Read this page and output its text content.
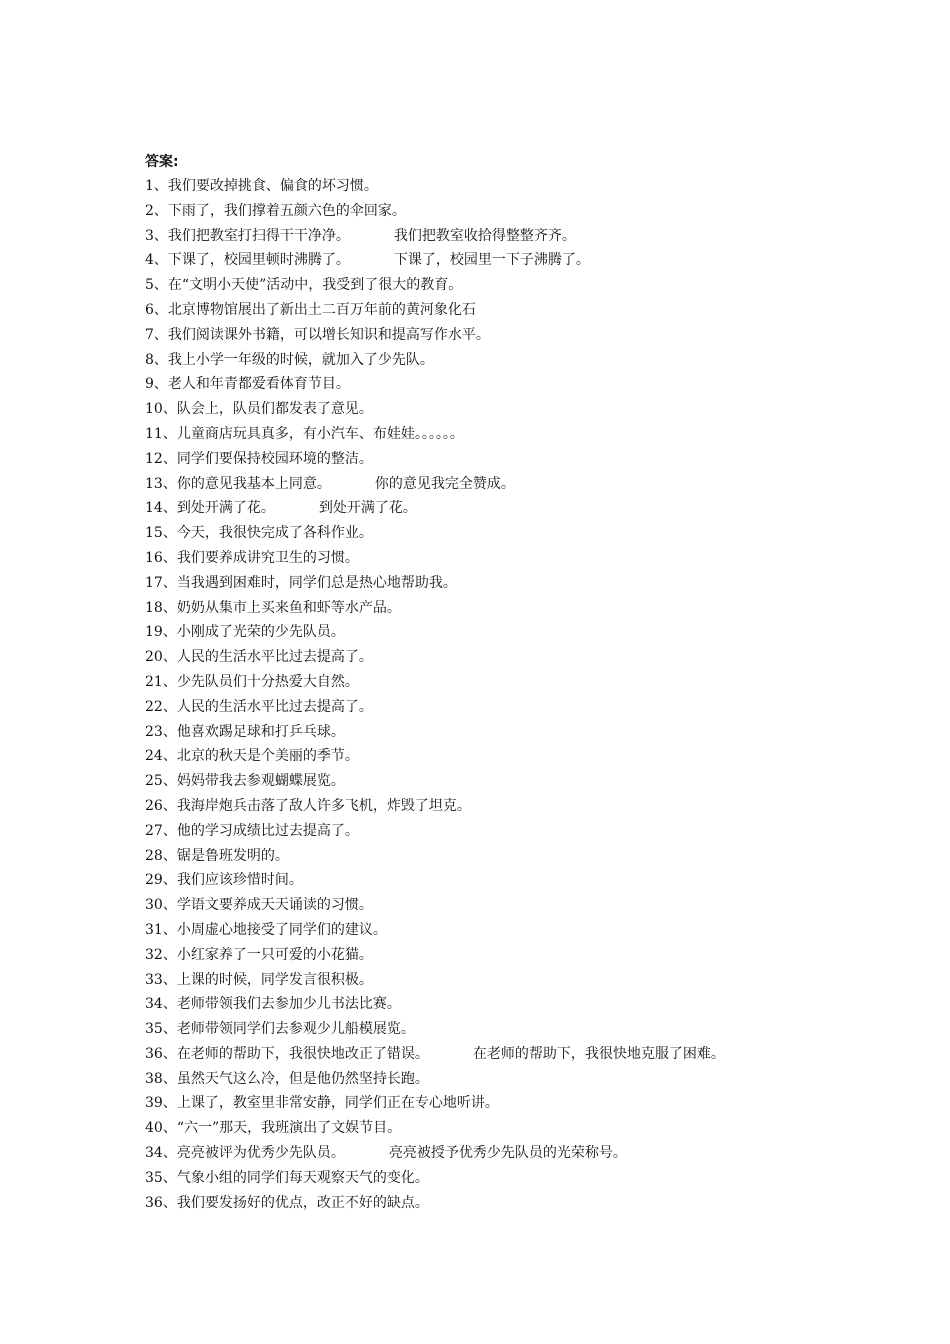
答案:
1、我们要改掉挑食、偏食的坏习惯。
2、下雨了，我们撑着五颜六色的伞回家。
3、我们把教室打扫得干干净净。	我们把教室收拾得整整齐齐。
4、下课了，校园里顿时沸腾了。	下课了，校园里一下子沸腾了。
5、在“文明小天使”活动中，我受到了很大的教育。
6、北京博物馆展出了新出土二百万年前的黄河象化石
7、我们阅读课外书籍，可以增长知识和提高写作水平。
8、我上小学一年级的时候，就加入了少先队。
9、老人和年青都爱看体育节目。
10、队会上，队员们都发表了意见。
11、儿童商店玩具真多，有小汽车、布娃娃。。。。。。
12、同学们要保持校园环境的整洁。
13、你的意见我基本上同意。	你的意见我完全赞成。
14、到处开满了花。	到处开满了花。
15、今天，我很快完成了各科作业。
16、我们要养成讲究卫生的习惯。
17、当我遇到困难时，同学们总是热心地帮助我。
18、奶奶从集市上买来鱼和虾等水产品。
19、小刚成了光荣的少先队员。
20、人民的生活水平比过去提高了。
21、少先队员们十分热爱大自然。
22、人民的生活水平比过去提高了。
23、他喜欢踢足球和打乒乓球。
24、北京的秋天是个美丽的季节。
25、妈妈带我去参观蝴蝶展览。
26、我海岸炮兵击落了敌人许多飞机，炸毁了坦克。
27、他的学习成绩比过去提高了。
28、锯是鲁班发明的。
29、我们应该珍惜时间。
30、学语文要养成天天诵读的习惯。
31、小周虚心地接受了同学们的建议。
32、小红家养了一只可爱的小花猫。
33、上课的时候，同学发言很积极。
34、老师带领我们去参加少儿书法比赛。
35、老师带领同学们去参观少儿船模展览。
36、在老师的帮助下，我很快地改正了错误。	在老师的帮助下，我很快地克服了困难。
38、虽然天气这么冷，但是他仍然坚持长跑。
39、上课了，教室里非常安静，同学们正在专心地听讲。
40、“六一”那天，我班演出了文娱节目。
34、亮亮被评为优秀少先队员。	亮亮被授予优秀少先队员的光荣称号。
35、气象小组的同学们每天观察天气的变化。
36、我们要发扬好的优点，改正不好的缺点。
